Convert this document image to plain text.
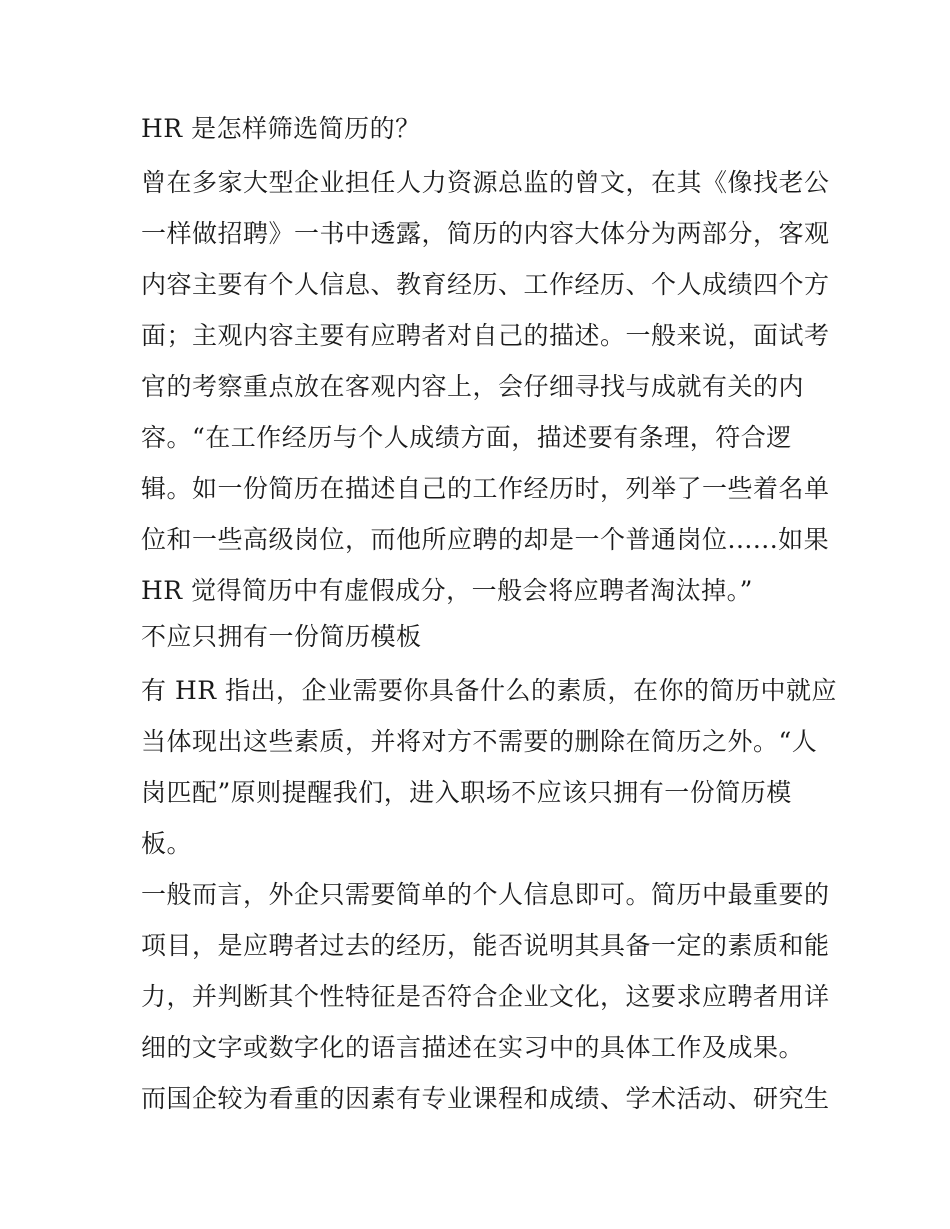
HR 是怎样筛选简历的？
曾在多家大型企业担任人力资源总监的曾文，在其《像找老公
一样做招聘》一书中透露，简历的内容大体分为两部分，客观
内容主要有个人信息、教育经历、工作经历、个人成绩四个方
面；主观内容主要有应聘者对自己的描述。一般来说，面试考
官的考察重点放在客观内容上，会仔细寻找与成就有关的内
容。“在工作经历与个人成绩方面，描述要有条理，符合逻
辑。如一份简历在描述自己的工作经历时，列举了一些着名单
位和一些高级岗位，而他所应聘的却是一个普通岗位......如果
HR 觉得简历中有虚假成分，一般会将应聘者淘汰掉。”
不应只拥有一份简历模板
有 HR 指出，企业需要你具备什么的素质，在你的简历中就应
当体现出这些素质，并将对方不需要的删除在简历之外。“人
岗匹配”原则提醒我们，进入职场不应该只拥有一份简历模
板。
一般而言，外企只需要简单的个人信息即可。简历中最重要的
项目，是应聘者过去的经历，能否说明其具备一定的素质和能
力，并判断其个性特征是否符合企业文化，这要求应聘者用详
细的文字或数字化的语言描述在实习中的具体工作及成果。
而国企较为看重的因素有专业课程和成绩、学术活动、研究生
